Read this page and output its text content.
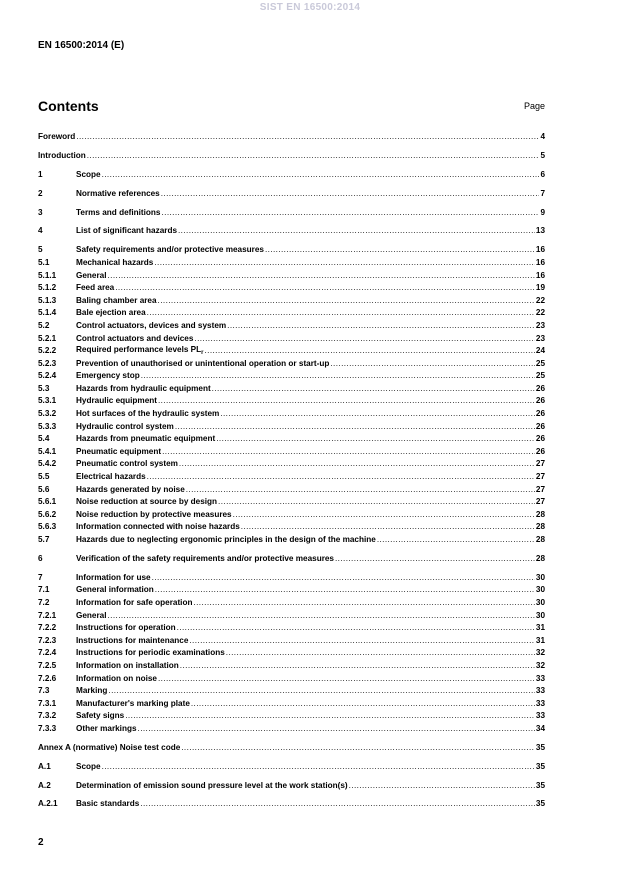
SIST EN 16500:2014
EN 16500:2014 (E)
Contents	Page
Foreword .....	4
Introduction .....	5
1	Scope .....	6
2	Normative references .....	7
3	Terms and definitions .....	9
4	List of significant hazards .....	13
5	Safety requirements and/or protective measures .....	16
5.1	Mechanical hazards .....	16
5.1.1	General .....	16
5.1.2	Feed area .....	19
5.1.3	Baling chamber area .....	22
5.1.4	Bale ejection area .....	22
5.2	Control actuators, devices and system .....	23
5.2.1	Control actuators and devices .....	23
5.2.2	Required performance levels $PL_r$ .....	24
5.2.3	Prevention of unauthorised or unintentional operation or start-up .....	25
5.2.4	Emergency stop .....	25
5.3	Hazards from hydraulic equipment .....	26
5.3.1	Hydraulic equipment .....	26
5.3.2	Hot surfaces of the hydraulic system .....	26
5.3.3	Hydraulic control system .....	26
5.4	Hazards from pneumatic equipment .....	26
5.4.1	Pneumatic equipment .....	26
5.4.2	Pneumatic control system .....	27
5.5	Electrical hazards .....	27
5.6	Hazards generated by noise .....	27
5.6.1	Noise reduction at source by design .....	27
5.6.2	Noise reduction by protective measures .....	28
5.6.3	Information connected with noise hazards .....	28
5.7	Hazards due to neglecting ergonomic principles in the design of the machine .....	28
6	Verification of the safety requirements and/or protective measures .....	28
7	Information for use .....	30
7.1	General information .....	30
7.2	Information for safe operation .....	30
7.2.1	General .....	30
7.2.2	Instructions for operation .....	31
7.2.3	Instructions for maintenance .....	31
7.2.4	Instructions for periodic examinations .....	32
7.2.5	Information on installation .....	32
7.2.6	Information on noise .....	33
7.3	Marking .....	33
7.3.1	Manufacturer's marking plate .....	33
7.3.2	Safety signs .....	33
7.3.3	Other markings .....	34
Annex A (normative) Noise test code .....	35
A.1	Scope .....	35
A.2	Determination of emission sound pressure level at the work station(s) .....	35
A.2.1	Basic standards .....	35
2
